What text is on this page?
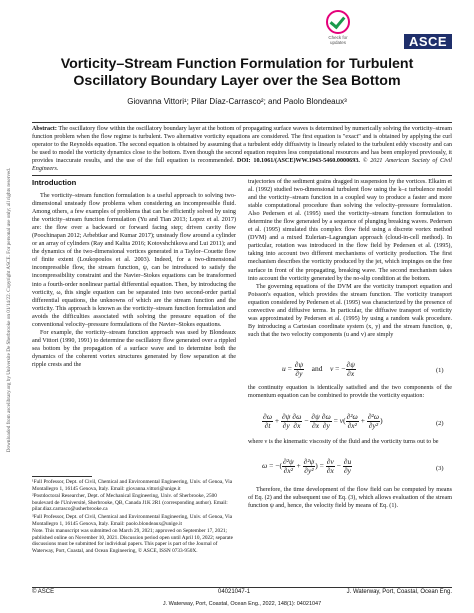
Downloaded from ascelibrary.org by Universite De Sherbrooke on 01/14/22. Copyright ASCE. For personal use only; all rights reserved.
Check for
updates	ASCE
Vorticity–Stream Function Formulation for Turbulent
Oscillatory Boundary Layer over the Sea Bottom
Giovanna Vittori¹; Pilar Díaz-Carrasco²; and Paolo Blondeaux³
Abstract: The oscillatory flow within the oscillatory boundary layer at the bottom of propagating surface waves is determined by numerically solving the vorticity–stream function problem when the flow regime is turbulent. Two alternative vorticity equations are considered. The first equation is "exact" and is obtained by applying the curl operator to the Reynolds equation. The second equation is obtained by assuming that a turbulent eddy diffusivity is linearly related to the turbulent eddy viscosity and can be used to model the vorticity dynamics close to the bottom. Even though the second equation requires less computational resources and has been employed previously, it provides inaccurate results, and the use of the full equation is recommended. DOI: 10.1061/(ASCE)WW.1943-5460.0000693. © 2021 American Society of Civil Engineers.
Introduction

The vorticity–stream function formulation is a useful approach to solving two-dimensional unsteady flow problems when considering an incompressible fluid. Among others, a few examples of problems that can be efficiently solved by using the vorticity–stream function formulation (Yu and Tian 2013; Lopez et al. 2017) are: the flow over a backward or forward facing step; driven cavity flow (Poochinapan 2012; Arbebtkar and Kumar 2017); unsteady flow around a cylinder or an array of cylinders (Ray and Kalita 2016; Kotovshchikova and Lui 2011); and the dynamics of the two-dimensional vortices generated in a Taylor–Couette flow of finite extent (Loukopoulos et al. 2003). Indeed, for a two-dimensional incompressible flow, the stream function, ψ, can be introduced to satisfy the incompressibility constraint and the Navier–Stokes equations can be transformed into a fourth-order nonlinear partial differential equation. Then, by introducing the vorticity, ω, this single equation can be separated into two second-order partial differential equations, the unknowns of which are the stream function and the vorticity. This approach is known as the vorticity–stream function formulation and avoids the difficulties associated with solving the pressure equation of the conventional velocity–pressure formulations of the Navier–Stokes equations.

For example, the vorticity–stream function approach was used by Blondeaux and Vittori (1990, 1991) to determine the oscillatory flow generated over a rippled sea bottom by the propagation of a surface wave and to determine both the dynamics of the coherent vortex structures generated by flow separation at the ripple crests and the

¹Full Professor, Dept. of Civil, Chemical and Environmental Engineering, Univ. of Genoa, Via Montallegro 1, 16145 Genova, Italy. Email: giovanna.vittori@unige.it

²Postdoctoral Researcher, Dept. of Mechanical Engineering, Univ. of Sherbrooke, 2500 boulevard de l'Université, Sherbrooke, QB, Canada J1K 2R1 (corresponding author). Email: pilar.diaz.carrasco@usherbrooke.ca

³Full Professor, Dept. of Civil, Chemical and Environmental Engineering, Univ. of Genoa, Via Montallegro 1, 16145 Genova, Italy. Email: paolo.blondeaux@unige.it

Note. This manuscript was submitted on March 29, 2021; approved on September 17, 2021; published online on November 10, 2021. Discussion period open until April 10, 2022; separate discussions must be submitted for individual papers. This paper is part of the Journal of Waterway, Port, Coastal, and Ocean Engineering, © ASCE, ISSN 0733-950X.

trajectories of the sediment grains dragged in suspension by the vortices. Elkaim et al. (1992) studied two-dimensional turbulent flow using the k–ε turbulence model and the vorticity–stream function in a coupled way to produce a faster and more stable computational procedure than solving the velocity–pressure formulation. Also Pedersen et al. (1995) used the vorticity–stream function formulation to determine the flow generated by a sequence of plunging breaking waves. Pedersen et al. (1995) simulated this complex flow field using a discrete vortex method (DVM) and a mixed Eulerian–Lagrangian approach (cloud-in-cell method). In particular, rotation was introduced in the flow field by Pedersen et al. (1995), taking into account two different mechanisms of vorticity production. The first mechanism describes the vorticity produced by the jet, which impinges on the free surface in front of the propagating, breaking wave. The second mechanism takes into account the vorticity generated by the no-slip condition at the bottom.

The governing equations of the DVM are the vorticity transport equation and Poisson's equation, which provides the stream function. The vorticity transport equation considered by Pedersen et al. (1995) was characterized by the presence of convective and diffusive terms. In particular, the diffusive transport of vorticity was approximated by Pedersen et al. (1995) by using a random walk procedure. By introducing a Cartesian coordinate system (x, y) and the stream function, ψ, such that the two velocity components (u and v) are simply

$u = \frac{\partial\psi}{\partial y}$ and    v = − $\frac{\partial\psi}{\partial x}$	(1)

the continuity equation is identically satisfied and the two components of the momentum equation can be combined to provide the vorticity equation:

$\frac{\partial\omega}{\partial t} + \frac{\partial\psi}{\partial y} \frac{\partial\omega}{\partial x} - \frac{\partial\psi}{\partial x} \frac{\partial\omega}{\partial y} = \nu( \frac{\text{∂²ω}}{\text{∂x²}} + \frac{\text{∂²ω}}{\text{∂y²}}$ )	(2)

where ν is the kinematic viscosity of the fluid and the vorticity turns out to be

ω = −( $\frac{\text{∂²ψ}}{\text{∂x²}} + \frac{\text{∂²ψ}}{\text{∂y²}}$ ) = $\frac{\partial v}{\partial x} - \frac{\partial u}{\partial y}$	(3)

Therefore, the time development of the flow field can be computed by means of Eq. (2) and the subsequent use of Eq. (3), which allows evaluation of the stream function ψ and, hence, the velocity field by means of Eq. (1).

© ASCE	04021047-1	J. Waterway, Port, Coastal, Ocean Eng.
J. Waterway, Port, Coastal, Ocean Eng., 2022, 148(1): 04021047
